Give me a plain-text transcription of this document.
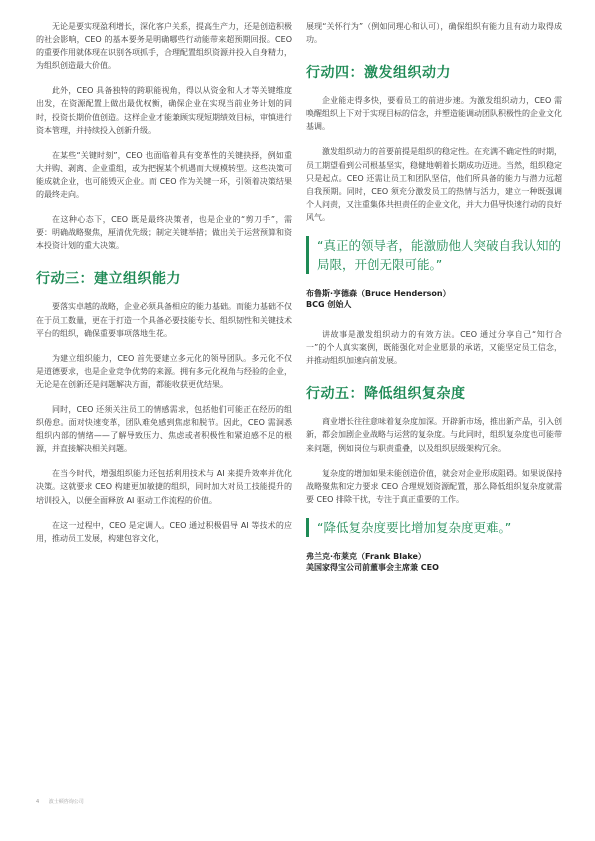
无论是要实现盈利增长，深化客户关系，提高生产力，还是创造积极的社会影响，CEO 的基本要务是明确哪些行动能带来超预期回报。CEO 的重要作用就体现在识别各项抓手，合理配置组织资源并投入自身精力，为组织创造最大价值。

此外，CEO 具备独特的跨职能视角，得以从资金和人才等关键维度出发，在资源配置上做出最优权衡，确保企业在实现当前业务计划的同时，投资长期价值创造。这样企业才能兼顾实现短期绩效目标，审慎进行资本管理，并持续投入创新升级。

在某些“关键时刻”，CEO 也面临着具有变革性的关键抉择，例如重大并购、剥离、企业重组，或为把握某个机遇而大规模转型。这些决策可能成就企业，也可能毁灭企业。而 CEO 作为关键一环，引领着决策结果的最终走向。

在这种心态下，CEO 既是最终决策者，也是企业的“剪刀手”，需要：明确战略聚焦，厘清优先级；制定关键举措；做出关于运营预算和资本投资计划的重大决策。

行动三：建立组织能力

要落实卓越的战略，企业必须具备相应的能力基础。而能力基础不仅在于员工数量，更在于打造一个具备必要技能专长、组织韧性和关键技术平台的组织，确保重要事项落地生花。

为建立组织能力，CEO 首先要建立多元化的领导团队。多元化不仅是道德要求，也是企业竞争优势的来源。拥有多元化视角与经验的企业，无论是在创新还是问题解决方面，都能收获更优结果。

同时，CEO 还须关注员工的情感需求，包括他们可能正在经历的组织倦怠。面对快速变革，团队难免感到焦虑和脱节。因此，CEO 需洞悉组织内部的情绪——了解导致压力、焦虑或者积极性和紧迫感不足的根源，并直接解决相关问题。

在当今时代，增强组织能力还包括利用技术与 AI 来提升效率并优化决策。这就要求 CEO 构建更加敏捷的组织，同时加大对员工技能提升的培训投入，以便全面释放 AI 驱动工作流程的价值。

在这一过程中，CEO 是定调人。CEO 通过积极倡导 AI 等技术的应用，推动员工发展，构建包容文化，

展现“关怀行为”（例如同理心和认可），确保组织有能力且有动力取得成功。

行动四：激发组织动力

企业能走得多快，要看员工的前进步速。为激发组织动力，CEO 需唤醒组织上下对于实现目标的信念，并塑造能调动团队积极性的企业文化基调。

激发组织动力的首要前提是组织的稳定性。在充满不确定性的时期，员工期望看到公司根基坚实，稳健地朝着长期成功迈进。当然，组织稳定只是起点。CEO 还需让员工和团队坚信，他们所具备的能力与潜力远超自我预期。同时，CEO 须充分激发员工的热情与活力，建立一种既强调个人问责，又注重集体共担责任的企业文化，并大力倡导快速行动的良好风气。

“真正的领导者，能激励他人突破自我认知的局限，开创无限可能。”

布鲁斯·亨德森（Bruce Henderson）

BCG 创始人

讲故事是激发组织动力的有效方法。CEO 通过分享自己“知行合一”的个人真实案例，既能强化对企业愿景的承诺，又能坚定员工信念，并推动组织加速向前发展。

行动五：降低组织复杂度

商业增长往往意味着复杂度加深。开辟新市场，推出新产品，引入创新，都会加剧企业战略与运营的复杂度。与此同时，组织复杂度也可能带来问题，例如岗位与职责重叠，以及组织层级架构冗余。

复杂度的增加如果未能创造价值，就会对企业形成阻碍。如果说保持战略聚焦和定力要求 CEO 合理规划资源配置，那么降低组织复杂度就需要 CEO 排除干扰，专注于真正重要的工作。

“降低复杂度要比增加复杂度更难。”

弗兰克·布莱克（Frank Blake）

美国家得宝公司前董事会主席兼 CEO

4 波士顿咨询公司
